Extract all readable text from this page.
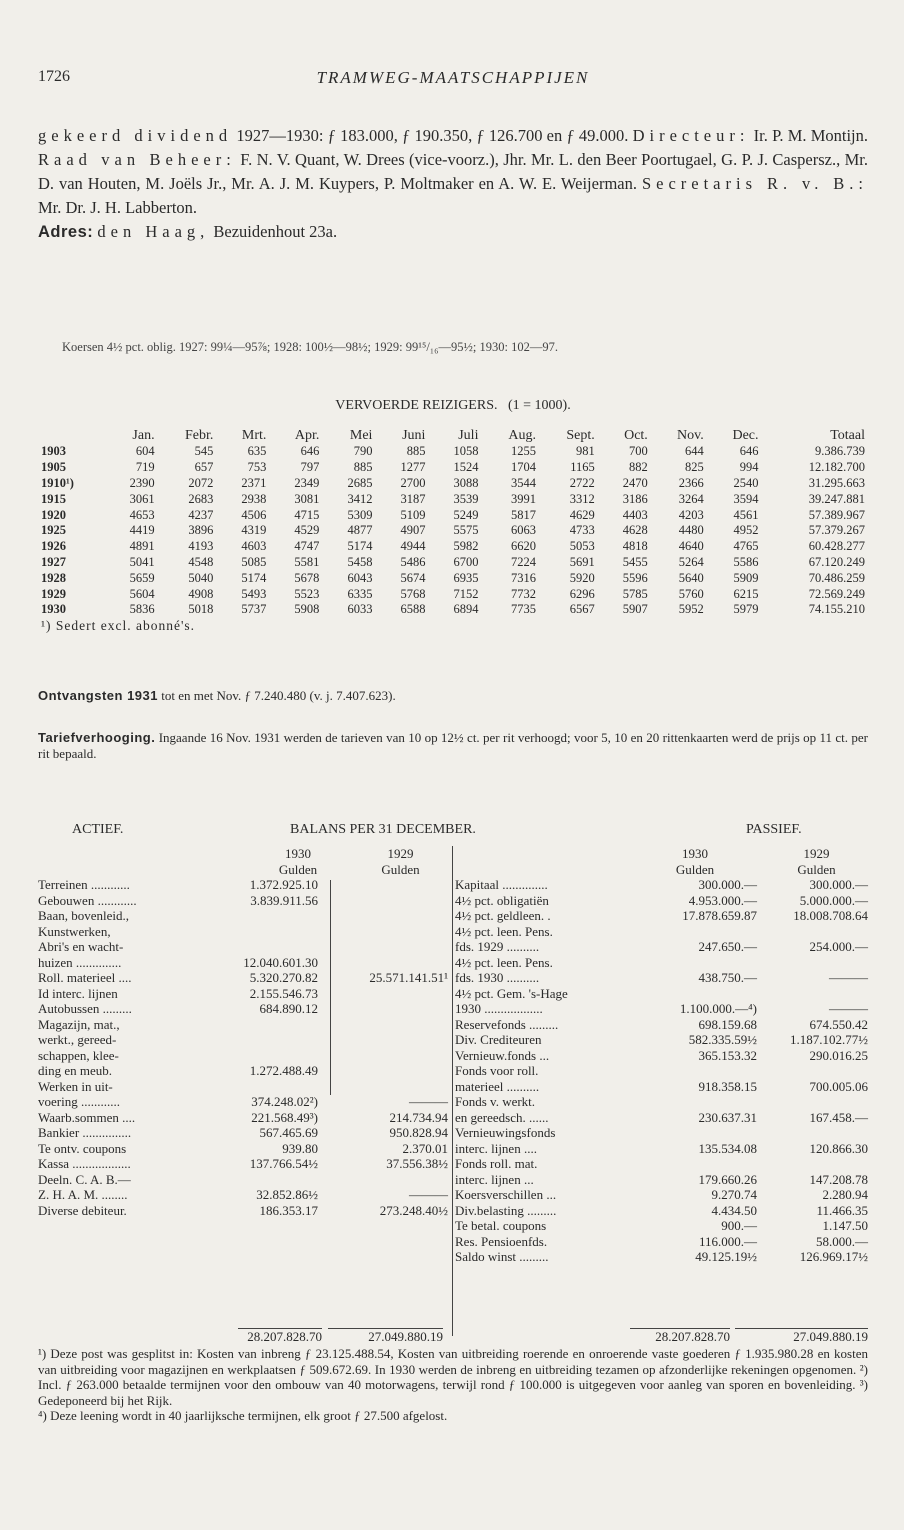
1726	TRAMWEG-MAATSCHAPPIJEN
gekeerd dividend 1927—1930: ƒ 183.000, ƒ 190.350, ƒ 126.700 en ƒ 49.000. Directeur: Ir. P. M. Montijn. Raad van Beheer: F. N. V. Quant, W. Drees (vice-voorz.), Jhr. Mr. L. den Beer Poortugael, G. P. J. Caspersz., Mr. D. van Houten, M. Joëls Jr., Mr. A. J. M. Kuypers, P. Moltmaker en A. W. E. Weijerman. Secretaris R. v. B.: Mr. Dr. J. H. Labberton.
Adres: den Haag, Bezuidenhout 23a.
Koersen 4½ pct. oblig. 1927: 99¼—95⅞; 1928: 100½—98½; 1929: 99¹⁵/₁₆—95½; 1930: 102—97.
VERVOERDE REIZIGERS. (1 = 1000).
	Jan.	Febr.	Mrt.	Apr.	Mei	Juni	Juli	Aug.	Sept.	Oct.	Nov.	Dec.	Totaal
1903	604	545	635	646	790	885	1058	1255	981	700	644	646	9.386.739
1905	719	657	753	797	885	1277	1524	1704	1165	882	825	994	12.182.700
1910¹)	2390	2072	2371	2349	2685	2700	3088	3544	2722	2470	2366	2540	31.295.663
1915	3061	2683	2938	3081	3412	3187	3539	3991	3312	3186	3264	3594	39.247.881
1920	4653	4237	4506	4715	5309	5109	5249	5817	4629	4403	4203	4561	57.389.967
1925	4419	3896	4319	4529	4877	4907	5575	6063	4733	4628	4480	4952	57.379.267
1926	4891	4193	4603	4747	5174	4944	5982	6620	5053	4818	4640	4765	60.428.277
1927	5041	4548	5085	5581	5458	5486	6700	7224	5691	5455	5264	5586	67.120.249
1928	5659	5040	5174	5678	6043	5674	6935	7316	5920	5596	5640	5909	70.486.259
1929	5604	4908	5493	5523	6335	5768	7152	7732	6296	5785	5760	6215	72.569.249
1930	5836	5018	5737	5908	6033	6588	6894	7735	6567	5907	5952	5979	74.155.210
¹) Sedert excl. abonné's.													
Ontvangsten 1931 tot en met Nov. ƒ 7.240.480 (v. j. 7.407.623).
Tariefverhooging. Ingaande 16 Nov. 1931 werden de tarieven van 10 op 12½ ct. per rit verhoogd; voor 5, 10 en 20 rittenkaarten werd de prijs op 11 ct. per rit bepaald.
ACTIEF.	BALANS PER 31 DECEMBER.	PASSIEF.
1930	1929
Gulden	Gulden
Terreinen ............	1.372.925.10
Gebouwen ............	3.839.911.56
Baan, bovenleid.,
Kunstwerken,
Abri's en wacht-
huizen ..............	12.040.601.30
Roll. materieel ....	5.320.270.82	25.571.141.51¹
Id interc. lijnen	2.155.546.73
Autobussen .........	684.890.12
Magazijn, mat.,
werkt., gereed-
schappen, klee-
ding en meub.	1.272.488.49
Werken in uit-
voering ............	374.248.02²)	———
Waarb.sommen ....	221.568.49³)	214.734.94
Bankier ...............	567.465.69	950.828.94
Te ontv. coupons	939.80	2.370.01
Kassa ..................	137.766.54½	37.556.38½
Deeln. C. A. B.—
Z. H. A. M. ........	32.852.86½	———
Diverse debiteur.	186.353.17	273.248.40½
1930	1929
Gulden	Gulden
Kapitaal ..............	300.000.—	300.000.—
4½ pct. obligatiën	4.953.000.—	5.000.000.—
4½ pct. geldleen. .	17.878.659.87	18.008.708.64
4½ pct. leen. Pens.
fds. 1929 ..........	247.650.—	254.000.—
4½ pct. leen. Pens.
fds. 1930 ..........	438.750.—	———
4½ pct. Gem. 's-Hage
1930 ..................	1.100.000.—⁴)	———
Reservefonds .........	698.159.68	674.550.42
Div. Crediteuren	582.335.59½	1.187.102.77½
Vernieuw.fonds ...	365.153.32	290.016.25
Fonds voor roll.
materieel ..........	918.358.15	700.005.06
Fonds v. werkt.
en gereedsch. ......	230.637.31	167.458.—
Vernieuwingsfonds
interc. lijnen ....	135.534.08	120.866.30
Fonds roll. mat.
interc. lijnen ...	179.660.26	147.208.78
Koersverschillen ...	9.270.74	2.280.94
Div.belasting .........	4.434.50	11.466.35
Te betal. coupons	900.—	1.147.50
Res. Pensioenfds.	116.000.—	58.000.—
Saldo winst .........	49.125.19½	126.969.17½
28.207.828.70	27.049.880.19	28.207.828.70	27.049.880.19
¹) Deze post was gesplitst in: Kosten van inbreng ƒ 23.125.488.54, Kosten van uitbreiding roerende en onroerende vaste goederen ƒ 1.935.980.28 en kosten van uitbreiding voor magazijnen en werkplaatsen ƒ 509.672.69. In 1930 werden de inbreng en uitbreiding tezamen op afzonderlijke rekeningen opgenomen. ²) Incl. ƒ 263.000 betaalde termijnen voor den ombouw van 40 motorwagens, terwijl rond ƒ 100.000 is uitgegeven voor aanleg van sporen en bovenleiding. ³) Gedeponeerd bij het Rijk.
⁴) Deze leening wordt in 40 jaarlijksche termijnen, elk groot ƒ 27.500 afgelost.
